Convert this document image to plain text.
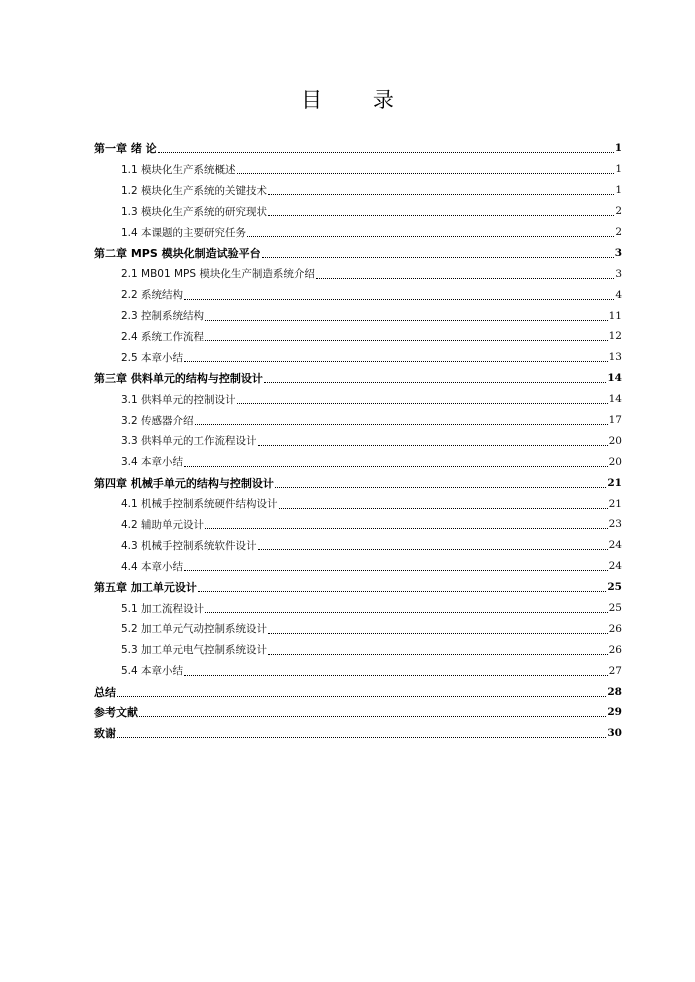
目 录
第一章 绪 论	1
1.1 模块化生产系统概述	1
1.2 模块化生产系统的关键技术	1
1.3 模块化生产系统的研究现状	2
1.4 本课题的主要研究任务	2
第二章 MPS 模块化制造试验平台	3
2.1 MB01 MPS 模块化生产制造系统介绍	3
2.2 系统结构	4
2.3 控制系统结构	11
2.4 系统工作流程	12
2.5 本章小结	13
第三章 供料单元的结构与控制设计	14
3.1 供料单元的控制设计	14
3.2 传感器介绍	17
3.3 供料单元的工作流程设计	20
3.4 本章小结	20
第四章 机械手单元的结构与控制设计	21
4.1 机械手控制系统硬件结构设计	21
4.2 辅助单元设计	23
4.3 机械手控制系统软件设计	24
4.4 本章小结	24
第五章 加工单元设计	25
5.1 加工流程设计	25
5.2 加工单元气动控制系统设计	26
5.3 加工单元电气控制系统设计	26
5.4 本章小结	27
总结	28
参考文献	29
致谢	30
